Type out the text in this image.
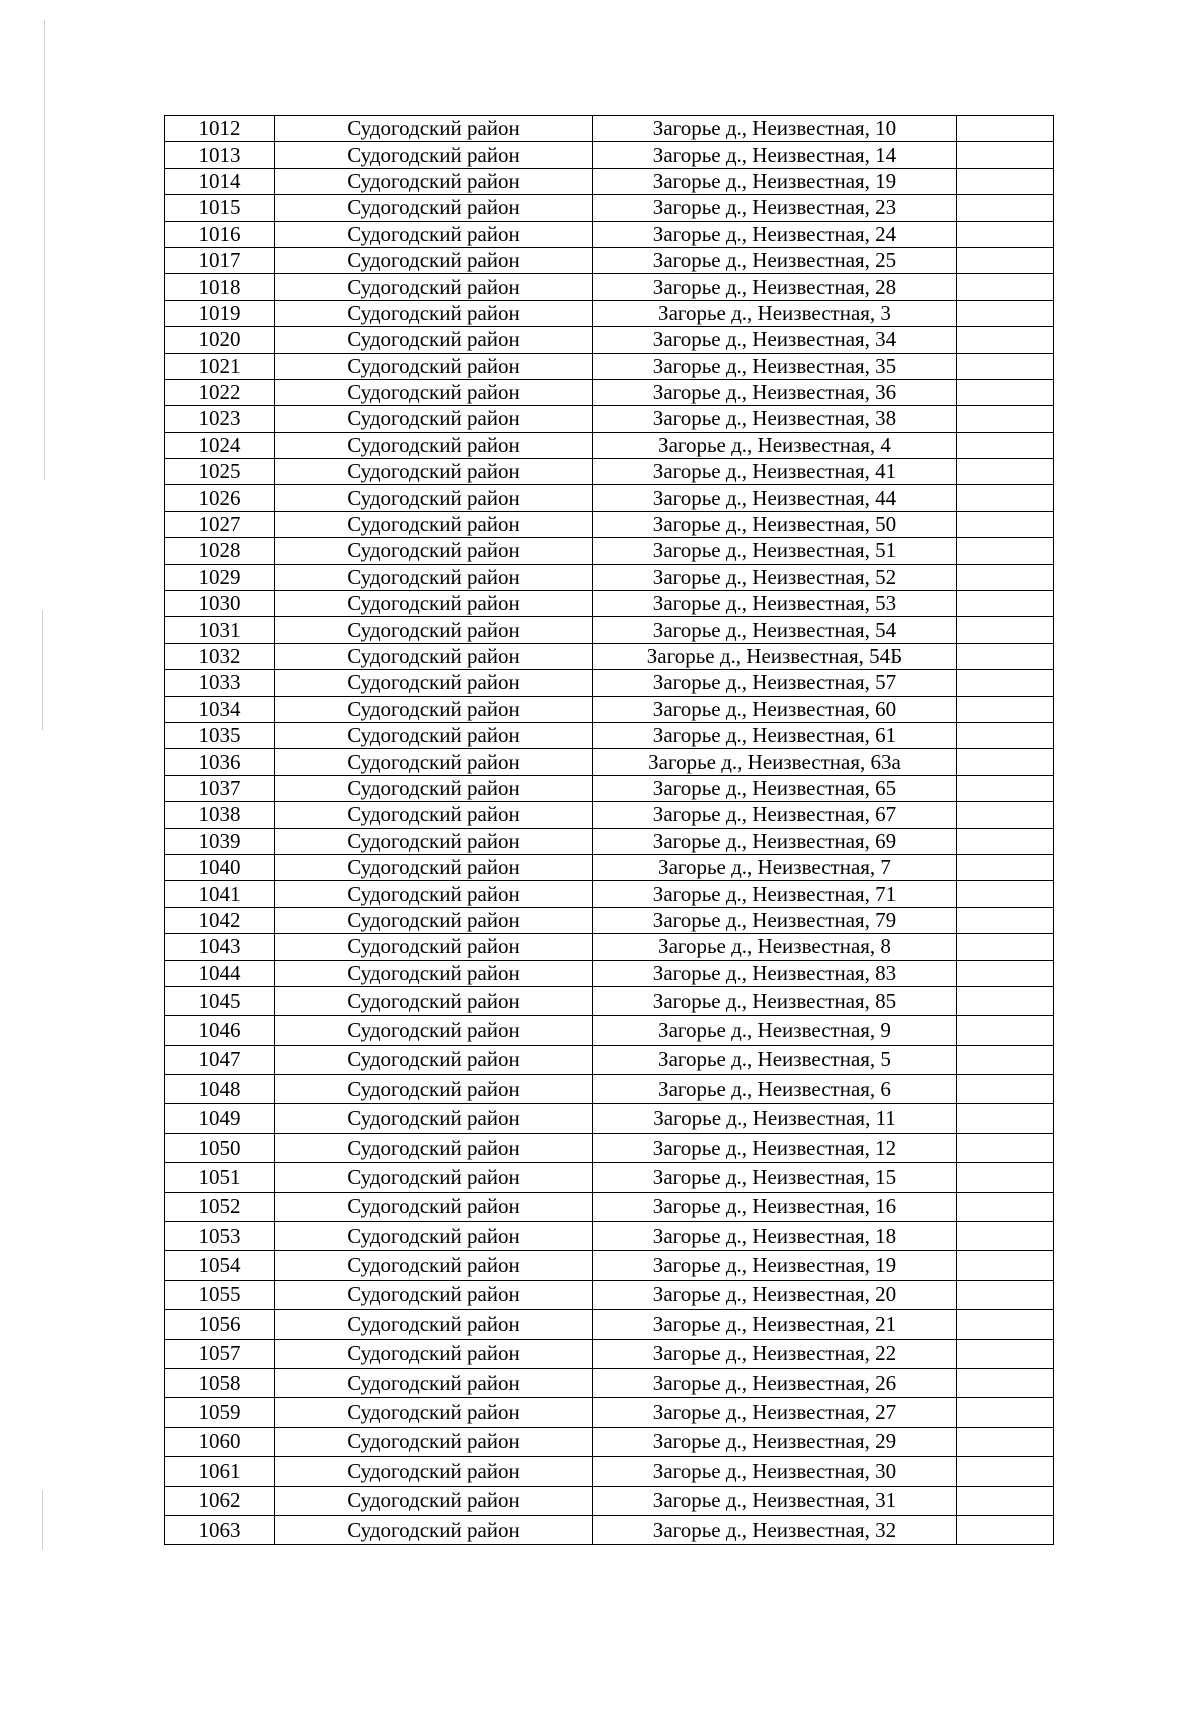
1012	Судогодский район	Загорье д., Неизвестная, 10	
1013	Судогодский район	Загорье д., Неизвестная, 14	
1014	Судогодский район	Загорье д., Неизвестная, 19	
1015	Судогодский район	Загорье д., Неизвестная, 23	
1016	Судогодский район	Загорье д., Неизвестная, 24	
1017	Судогодский район	Загорье д., Неизвестная, 25	
1018	Судогодский район	Загорье д., Неизвестная, 28	
1019	Судогодский район	Загорье д., Неизвестная, 3	
1020	Судогодский район	Загорье д., Неизвестная, 34	
1021	Судогодский район	Загорье д., Неизвестная, 35	
1022	Судогодский район	Загорье д., Неизвестная, 36	
1023	Судогодский район	Загорье д., Неизвестная, 38	
1024	Судогодский район	Загорье д., Неизвестная, 4	
1025	Судогодский район	Загорье д., Неизвестная, 41	
1026	Судогодский район	Загорье д., Неизвестная, 44	
1027	Судогодский район	Загорье д., Неизвестная, 50	
1028	Судогодский район	Загорье д., Неизвестная, 51	
1029	Судогодский район	Загорье д., Неизвестная, 52	
1030	Судогодский район	Загорье д., Неизвестная, 53	
1031	Судогодский район	Загорье д., Неизвестная, 54	
1032	Судогодский район	Загорье д., Неизвестная, 54Б	
1033	Судогодский район	Загорье д., Неизвестная, 57	
1034	Судогодский район	Загорье д., Неизвестная, 60	
1035	Судогодский район	Загорье д., Неизвестная, 61	
1036	Судогодский район	Загорье д., Неизвестная, 63а	
1037	Судогодский район	Загорье д., Неизвестная, 65	
1038	Судогодский район	Загорье д., Неизвестная, 67	
1039	Судогодский район	Загорье д., Неизвестная, 69	
1040	Судогодский район	Загорье д., Неизвестная, 7	
1041	Судогодский район	Загорье д., Неизвестная, 71	
1042	Судогодский район	Загорье д., Неизвестная, 79	
1043	Судогодский район	Загорье д., Неизвестная, 8	
1044	Судогодский район	Загорье д., Неизвестная, 83	
1045	Судогодский район	Загорье д., Неизвестная, 85	
1046	Судогодский район	Загорье д., Неизвестная, 9	
1047	Судогодский район	Загорье д., Неизвестная, 5	
1048	Судогодский район	Загорье д., Неизвестная, 6	
1049	Судогодский район	Загорье д., Неизвестная, 11	
1050	Судогодский район	Загорье д., Неизвестная, 12	
1051	Судогодский район	Загорье д., Неизвестная, 15	
1052	Судогодский район	Загорье д., Неизвестная, 16	
1053	Судогодский район	Загорье д., Неизвестная, 18	
1054	Судогодский район	Загорье д., Неизвестная, 19	
1055	Судогодский район	Загорье д., Неизвестная, 20	
1056	Судогодский район	Загорье д., Неизвестная, 21	
1057	Судогодский район	Загорье д., Неизвестная, 22	
1058	Судогодский район	Загорье д., Неизвестная, 26	
1059	Судогодский район	Загорье д., Неизвестная, 27	
1060	Судогодский район	Загорье д., Неизвестная, 29	
1061	Судогодский район	Загорье д., Неизвестная, 30	
1062	Судогодский район	Загорье д., Неизвестная, 31	
1063	Судогодский район	Загорье д., Неизвестная, 32	
